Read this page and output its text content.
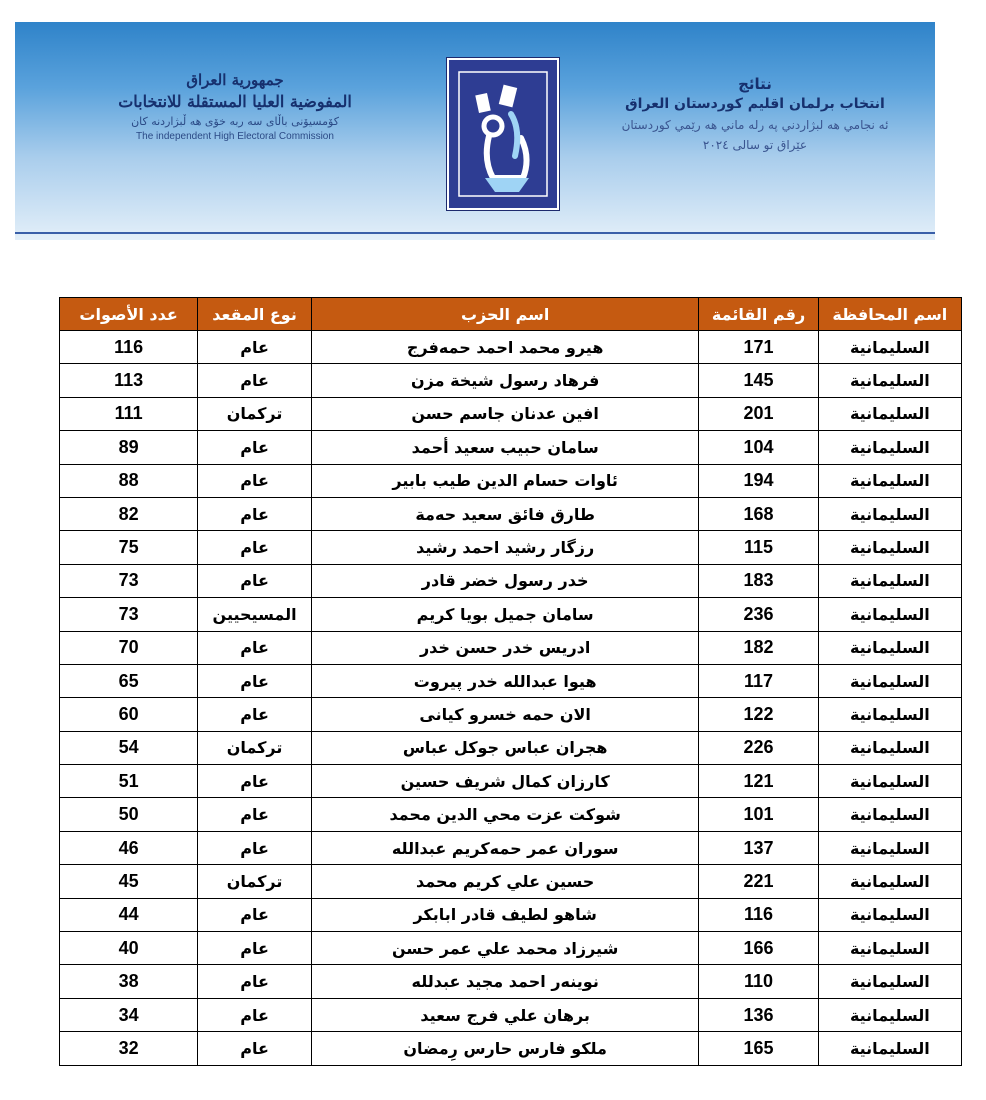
جمهورية العراق
المفوضية العليا المستقلة للانتخابات
كۆمسیۆنی باڵای سه ربه خۆی هه ڵبژاردنه كان
The independent High Electoral Commission
نتائج
انتخاب برلمان اقليم كوردستان العراق
ئه نجامي هه لبژاردني په رله ماني هه رێمي كوردستان
عێراق تو سالی ٢٠٢٤
اسم المحافظة	رقم القائمة	اسم الحزب	نوع المقعد	عدد الأصوات
السليمانية	171	هيرو محمد احمد حمەفرج	عام	116
السليمانية	145	فرهاد رسول شيخة مزن	عام	113
السليمانية	201	افين عدنان جاسم حسن	تركمان	111
السليمانية	104	سامان حبيب سعيد أحمد	عام	89
السليمانية	194	ئاوات حسام الدين طيب بابير	عام	88
السليمانية	168	طارق فائق سعيد حەمة	عام	82
السليمانية	115	رزگار رشيد احمد رشيد	عام	75
السليمانية	183	خدر رسول خضر قادر	عام	73
السليمانية	236	سامان جميل بويا كريم	المسيحيين	73
السليمانية	182	ادريس خدر حسن خدر	عام	70
السليمانية	117	هيوا عبدالله خدر پيروت	عام	65
السليمانية	122	الان حمه خسرو كيانى	عام	60
السليمانية	226	هجران عباس جوكل عباس	تركمان	54
السليمانية	121	كارزان كمال شريف حسين	عام	51
السليمانية	101	شوكت عزت محي الدين محمد	عام	50
السليمانية	137	سوران عمر حمەكريم عبدالله	عام	46
السليمانية	221	حسين علي كريم محمد	تركمان	45
السليمانية	116	شاهو لطيف قادر ابابكر	عام	44
السليمانية	166	شيرزاد محمد علي عمر حسن	عام	40
السليمانية	110	نوينەر احمد مجيد عبدلله	عام	38
السليمانية	136	برهان علي فرج سعيد	عام	34
السليمانية	165	ملكو فارس حارس رِمضان	عام	32
